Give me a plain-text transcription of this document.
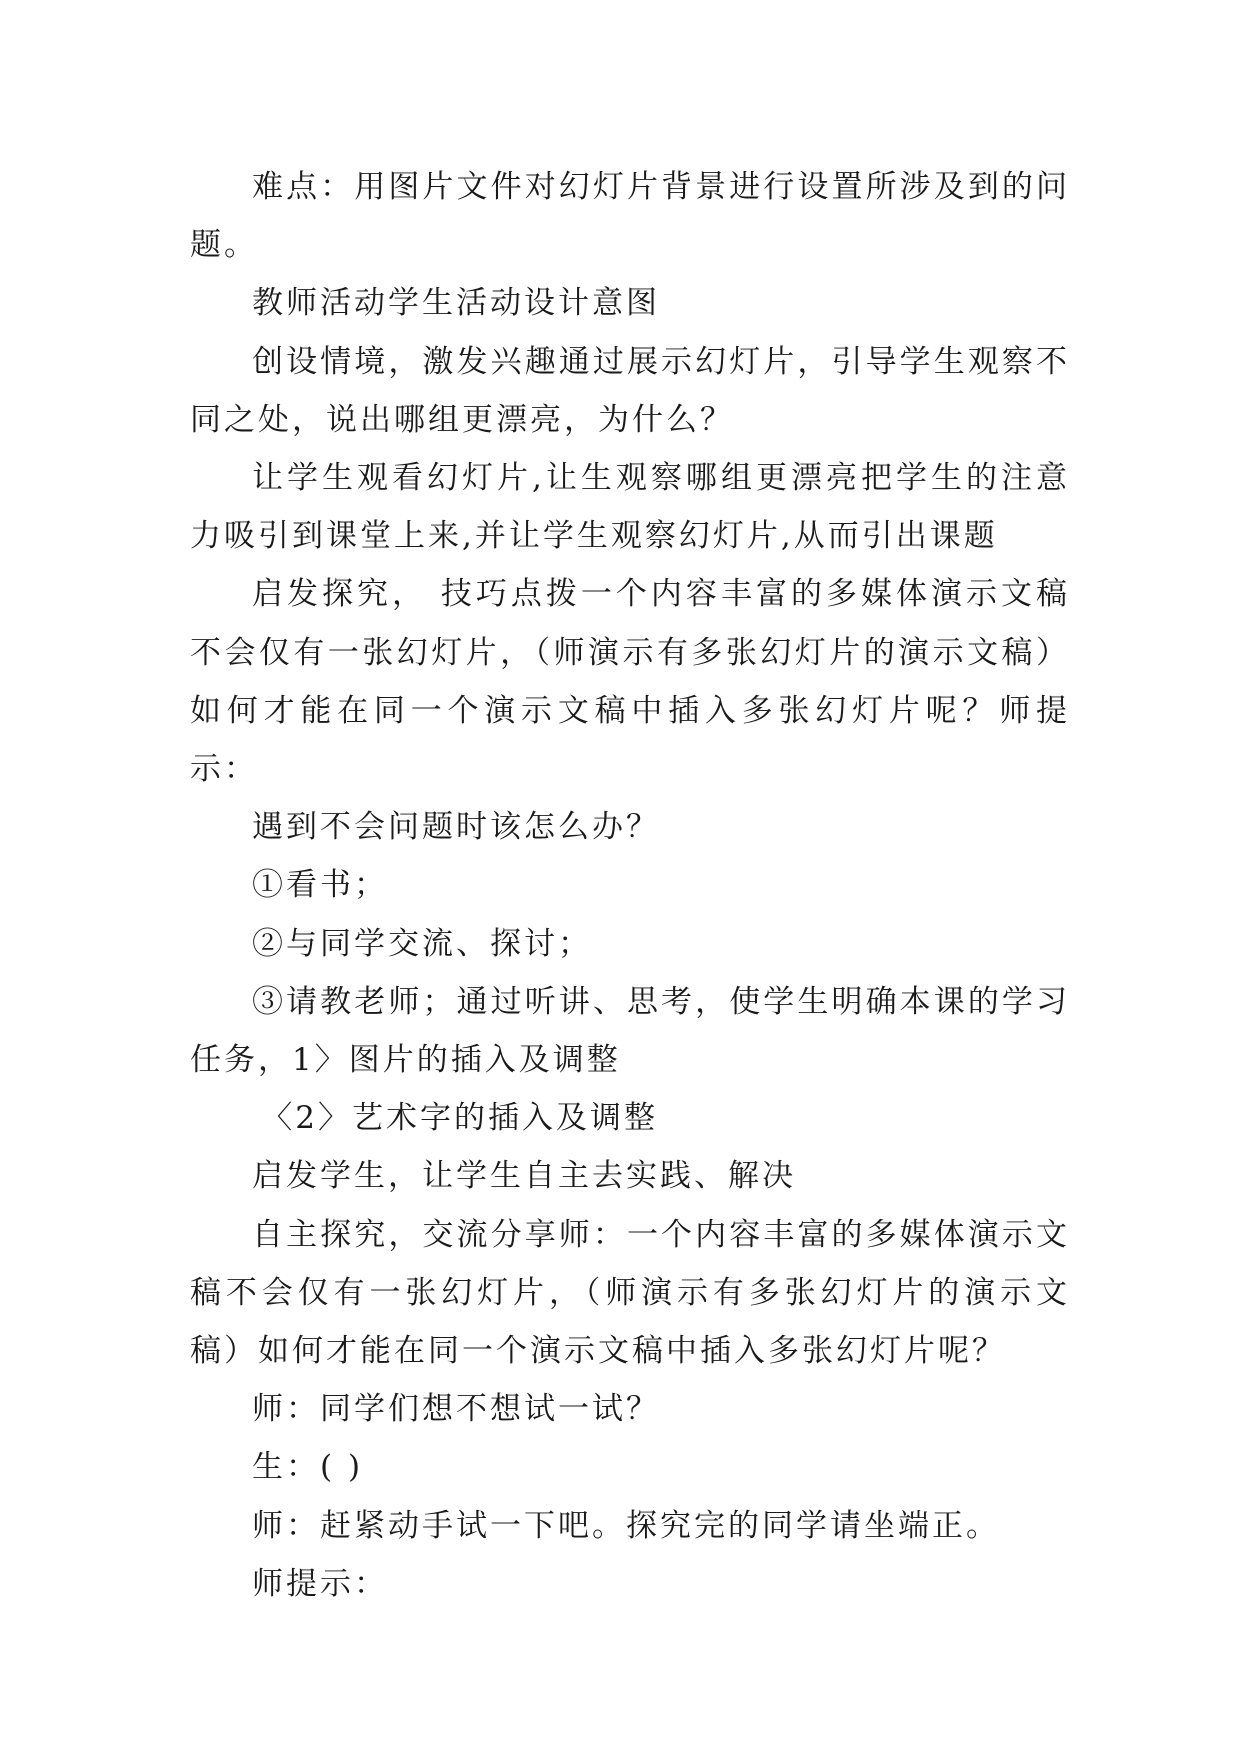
难点：用图片文件对幻灯片背景进行设置所涉及到的问题。

教师活动学生活动设计意图

创设情境，激发兴趣通过展示幻灯片，引导学生观察不同之处，说出哪组更漂亮，为什么？

让学生观看幻灯片,让生观察哪组更漂亮把学生的注意力吸引到课堂上来,并让学生观察幻灯片,从而引出课题

启发探究， 技巧点拨一个内容丰富的多媒体演示文稿不会仅有一张幻灯片，（师演示有多张幻灯片的演示文稿）如何才能在同一个演示文稿中插入多张幻灯片呢？师提示：

遇到不会问题时该怎么办？

①看书；

②与同学交流、探讨；

③请教老师；通过听讲、思考，使学生明确本课的学习任务，1〉图片的插入及调整

〈2〉艺术字的插入及调整

启发学生，让学生自主去实践、解决

自主探究，交流分享师：一个内容丰富的多媒体演示文稿不会仅有一张幻灯片，（师演示有多张幻灯片的演示文稿）如何才能在同一个演示文稿中插入多张幻灯片呢？

师：同学们想不想试一试？

生：( )

师：赶紧动手试一下吧。探究完的同学请坐端正。

师提示：
